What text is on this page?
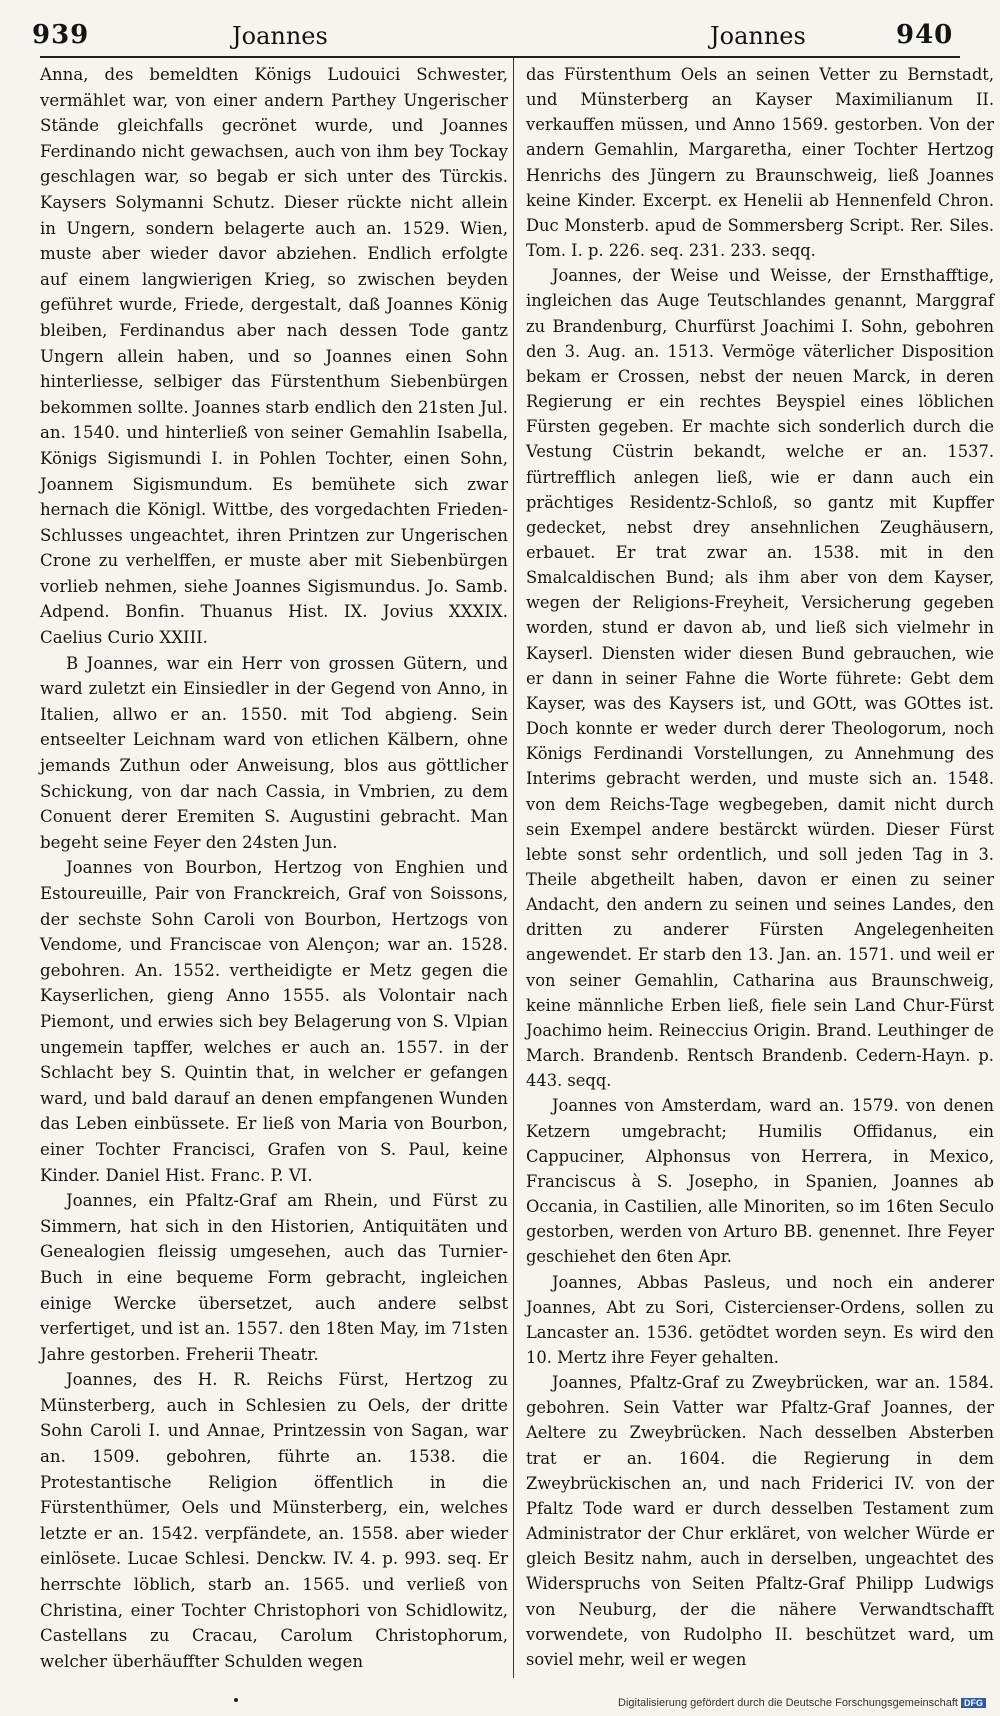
939	Joannes	Joannes	940

Anna, des bemeldten Königs Ludouici Schwester, vermählet war, von einer andern Parthey Ungerischer Stände gleichfalls gecrönet wurde, und Joannes Ferdinando nicht gewachsen, auch von ihm bey Tockay geschlagen war, so begab er sich unter des Türckis. Kaysers Solymanni Schutz. Dieser rückte nicht allein in Ungern, sondern belagerte auch an. 1529. Wien, muste aber wieder davor abziehen. Endlich erfolgte auf einem langwierigen Krieg, so zwischen beyden geführet wurde, Friede, dergestalt, daß Joannes König bleiben, Ferdinandus aber nach dessen Tode gantz Ungern allein haben, und so Joannes einen Sohn hinterliesse, selbiger das Fürstenthum Siebenbürgen bekommen sollte. Joannes starb endlich den 21sten Jul. an. 1540. und hinterließ von seiner Gemahlin Isabella, Königs Sigismundi I. in Pohlen Tochter, einen Sohn, Joannem Sigismundum. Es bemühete sich zwar hernach die Königl. Wittbe, des vorgedachten Frieden-Schlusses ungeachtet, ihren Printzen zur Ungerischen Crone zu verhelffen, er muste aber mit Siebenbürgen vorlieb nehmen, siehe Joannes Sigismundus. Jo. Samb. Adpend. Bonfin. Thuanus Hist. IX. Jovius XXXIX. Caelius Curio XXIII.

B Joannes, war ein Herr von grossen Gütern, und ward zuletzt ein Einsiedler in der Gegend von Anno, in Italien, allwo er an. 1550. mit Tod abgieng. Sein entseelter Leichnam ward von etlichen Kälbern, ohne jemands Zuthun oder Anweisung, blos aus göttlicher Schickung, von dar nach Cassia, in Vmbrien, zu dem Conuent derer Eremiten S. Augustini gebracht. Man begeht seine Feyer den 24sten Jun.

Joannes von Bourbon, Hertzog von Enghien und Estoureuille, Pair von Franckreich, Graf von Soissons, der sechste Sohn Caroli von Bourbon, Hertzogs von Vendome, und Franciscae von Alençon; war an. 1528. gebohren. An. 1552. vertheidigte er Metz gegen die Kayserlichen, gieng Anno 1555. als Volontair nach Piemont, und erwies sich bey Belagerung von S. Vlpian ungemein tapffer, welches er auch an. 1557. in der Schlacht bey S. Quintin that, in welcher er gefangen ward, und bald darauf an denen empfangenen Wunden das Leben einbüssete. Er ließ von Maria von Bourbon, einer Tochter Francisci, Grafen von S. Paul, keine Kinder. Daniel Hist. Franc. P. VI.

Joannes, ein Pfaltz-Graf am Rhein, und Fürst zu Simmern, hat sich in den Historien, Antiquitäten und Genealogien fleissig umgesehen, auch das Turnier-Buch in eine bequeme Form gebracht, ingleichen einige Wercke übersetzet, auch andere selbst verfertiget, und ist an. 1557. den 18ten May, im 71sten Jahre gestorben. Freherii Theatr.

Joannes, des H. R. Reichs Fürst, Hertzog zu Münsterberg, auch in Schlesien zu Oels, der dritte Sohn Caroli I. und Annae, Printzessin von Sagan, war an. 1509. gebohren, führte an. 1538. die Protestantische Religion öffentlich in die Fürstenthümer, Oels und Münsterberg, ein, welches letzte er an. 1542. verpfändete, an. 1558. aber wieder einlösete. Lucae Schlesi. Denckw. IV. 4. p. 993. seq. Er herrschte löblich, starb an. 1565. und verließ von Christina, einer Tochter Christophori von Schidlowitz, Castellans zu Cracau, Carolum Christophorum, welcher überhäuffter Schulden wegen

das Fürstenthum Oels an seinen Vetter zu Bernstadt, und Münsterberg an Kayser Maximilianum II. verkauffen müssen, und Anno 1569. gestorben. Von der andern Gemahlin, Margaretha, einer Tochter Hertzog Henrichs des Jüngern zu Braunschweig, ließ Joannes keine Kinder. Excerpt. ex Henelii ab Hennenfeld Chron. Duc Monsterb. apud de Sommersberg Script. Rer. Siles. Tom. I. p. 226. seq. 231. 233. seqq.

Joannes, der Weise und Weisse, der Ernsthafftige, ingleichen das Auge Teutschlandes genannt, Marggraf zu Brandenburg, Churfürst Joachimi I. Sohn, gebohren den 3. Aug. an. 1513. Vermöge väterlicher Disposition bekam er Crossen, nebst der neuen Marck, in deren Regierung er ein rechtes Beyspiel eines löblichen Fürsten gegeben. Er machte sich sonderlich durch die Vestung Cüstrin bekandt, welche er an. 1537. fürtrefflich anlegen ließ, wie er dann auch ein prächtiges Residentz-Schloß, so gantz mit Kupffer gedecket, nebst drey ansehnlichen Zeughäusern, erbauet. Er trat zwar an. 1538. mit in den Smalcaldischen Bund; als ihm aber von dem Kayser, wegen der Religions-Freyheit, Versicherung gegeben worden, stund er davon ab, und ließ sich vielmehr in Kayserl. Diensten wider diesen Bund gebrauchen, wie er dann in seiner Fahne die Worte führete: Gebt dem Kayser, was des Kaysers ist, und GOtt, was GOttes ist. Doch konnte er weder durch derer Theologorum, noch Königs Ferdinandi Vorstellungen, zu Annehmung des Interims gebracht werden, und muste sich an. 1548. von dem Reichs-Tage wegbegeben, damit nicht durch sein Exempel andere bestärckt würden. Dieser Fürst lebte sonst sehr ordentlich, und soll jeden Tag in 3. Theile abgetheilt haben, davon er einen zu seiner Andacht, den andern zu seinen und seines Landes, den dritten zu anderer Fürsten Angelegenheiten angewendet. Er starb den 13. Jan. an. 1571. und weil er von seiner Gemahlin, Catharina aus Braunschweig, keine männliche Erben ließ, fiele sein Land Chur-Fürst Joachimo heim. Reineccius Origin. Brand. Leuthinger de March. Brandenb. Rentsch Brandenb. Cedern-Hayn. p. 443. seqq.

Joannes von Amsterdam, ward an. 1579. von denen Ketzern umgebracht; Humilis Offidanus, ein Cappuciner, Alphonsus von Herrera, in Mexico, Franciscus à S. Josepho, in Spanien, Joannes ab Occania, in Castilien, alle Minoriten, so im 16ten Seculo gestorben, werden von Arturo BB. genennet. Ihre Feyer geschiehet den 6ten Apr.

Joannes, Abbas Pasleus, und noch ein anderer Joannes, Abt zu Sori, Cistercienser-Ordens, sollen zu Lancaster an. 1536. getödtet worden seyn. Es wird den 10. Mertz ihre Feyer gehalten.

Joannes, Pfaltz-Graf zu Zweybrücken, war an. 1584. gebohren. Sein Vatter war Pfaltz-Graf Joannes, der Aeltere zu Zweybrücken. Nach desselben Absterben trat er an. 1604. die Regierung in dem Zweybrückischen an, und nach Friderici IV. von der Pfaltz Tode ward er durch desselben Testament zum Administrator der Chur erkläret, von welcher Würde er gleich Besitz nahm, auch in derselben, ungeachtet des Widerspruchs von Seiten Pfaltz-Graf Philipp Ludwigs von Neuburg, der die nähere Verwandtschafft vorwendete, von Rudolpho II. beschützet ward, um soviel mehr, weil er wegen

Digitalisierung gefördert durch die Deutsche Forschungsgemeinschaft DFG
